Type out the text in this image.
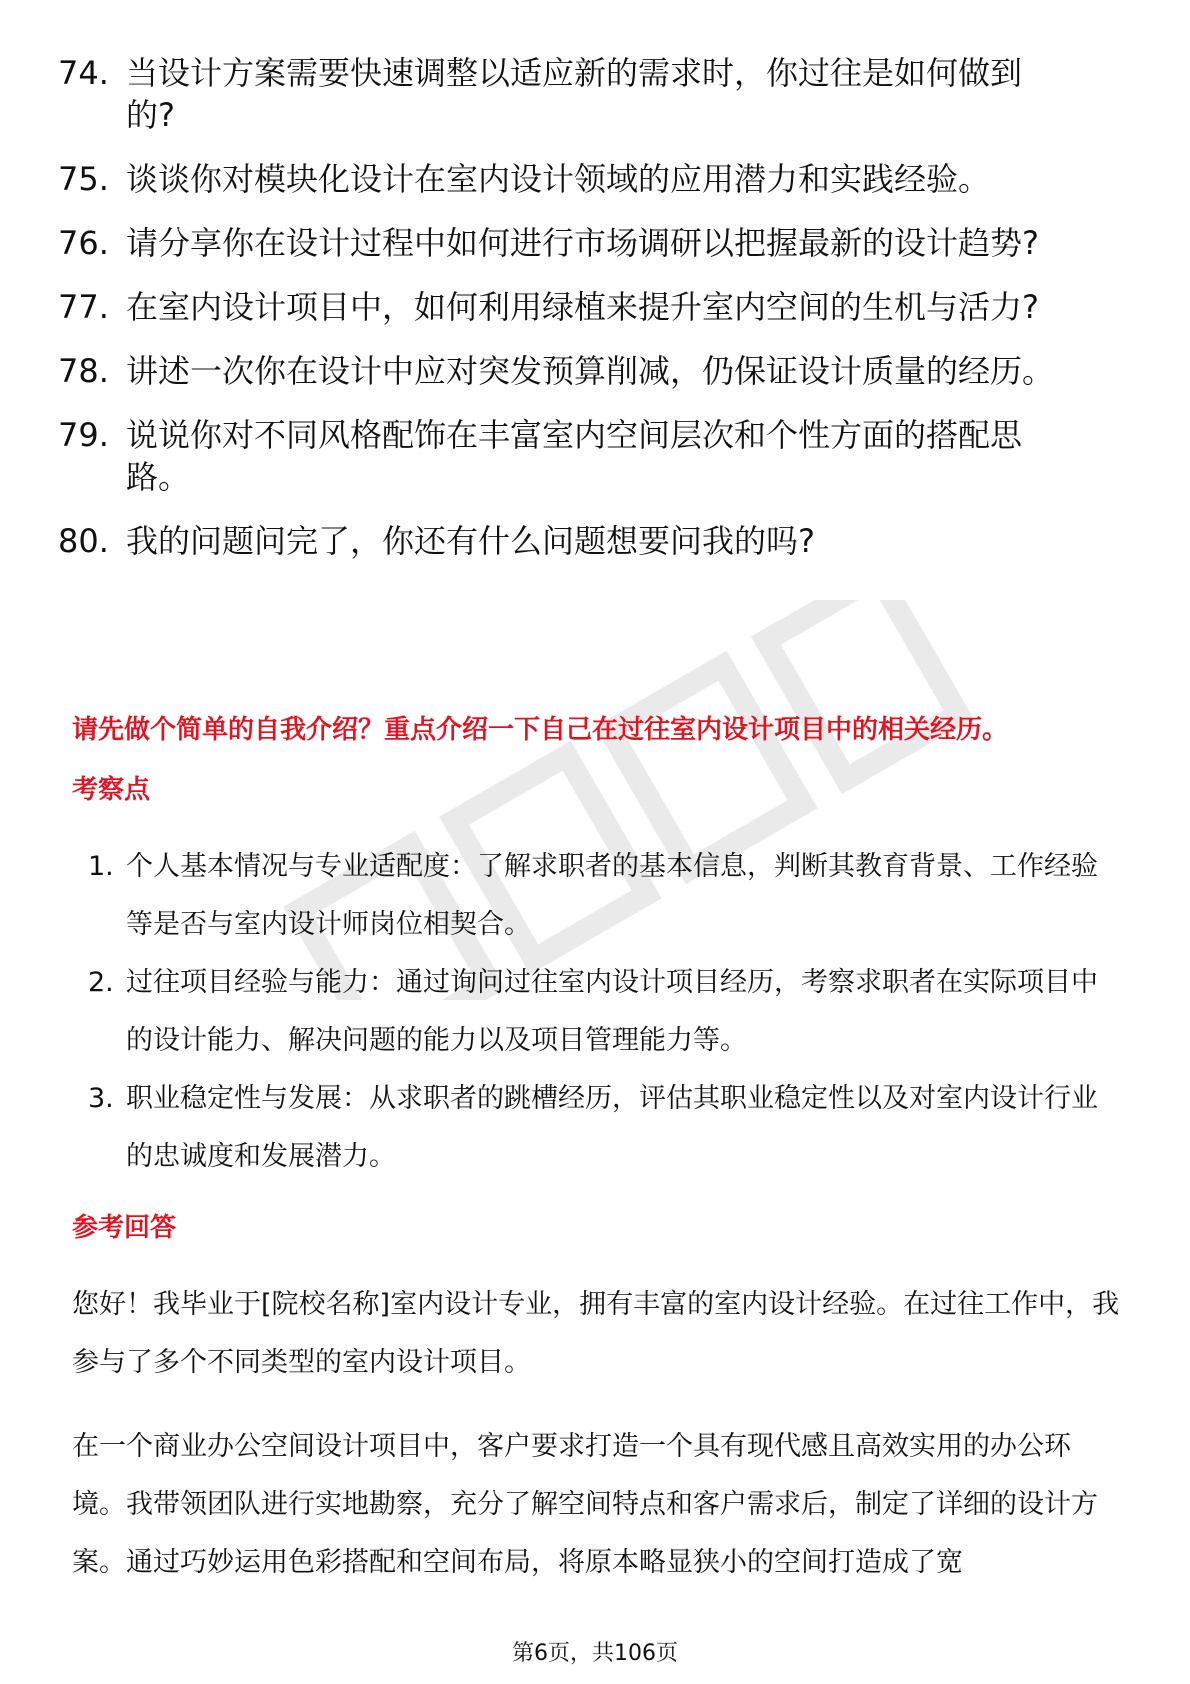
74. 当设计方案需要快速调整以适应新的需求时，你过往是如何做到的?
75. 谈谈你对模块化设计在室内设计领域的应用潜力和实践经验。
76. 请分享你在设计过程中如何进行市场调研以把握最新的设计趋势?
77. 在室内设计项目中，如何利用绿植来提升室内空间的生机与活力?
78. 讲述一次你在设计中应对突发预算削减，仍保证设计质量的经历。
79. 说说你对不同风格配饰在丰富室内空间层次和个性方面的搭配思路。
80. 我的问题问完了，你还有什么问题想要问我的吗?
请先做个简单的自我介绍？重点介绍一下自己在过往室内设计项目中的相关经历。
考察点
1. 个人基本情况与专业适配度：了解求职者的基本信息，判断其教育背景、工作经验等是否与室内设计师岗位相契合。
2. 过往项目经验与能力：通过询问过往室内设计项目经历，考察求职者在实际项目中的设计能力、解决问题的能力以及项目管理能力等。
3. 职业稳定性与发展：从求职者的跳槽经历，评估其职业稳定性以及对室内设计行业的忠诚度和发展潜力。
参考回答
您好！我毕业于[院校名称]室内设计专业，拥有丰富的室内设计经验。在过往工作中，我参与了多个不同类型的室内设计项目。
在一个商业办公空间设计项目中，客户要求打造一个具有现代感且高效实用的办公环境。我带领团队进行实地勘察，充分了解空间特点和客户需求后，制定了详细的设计方案。通过巧妙运用色彩搭配和空间布局，将原本略显狭小的空间打造成了宽
第6页，共106页
